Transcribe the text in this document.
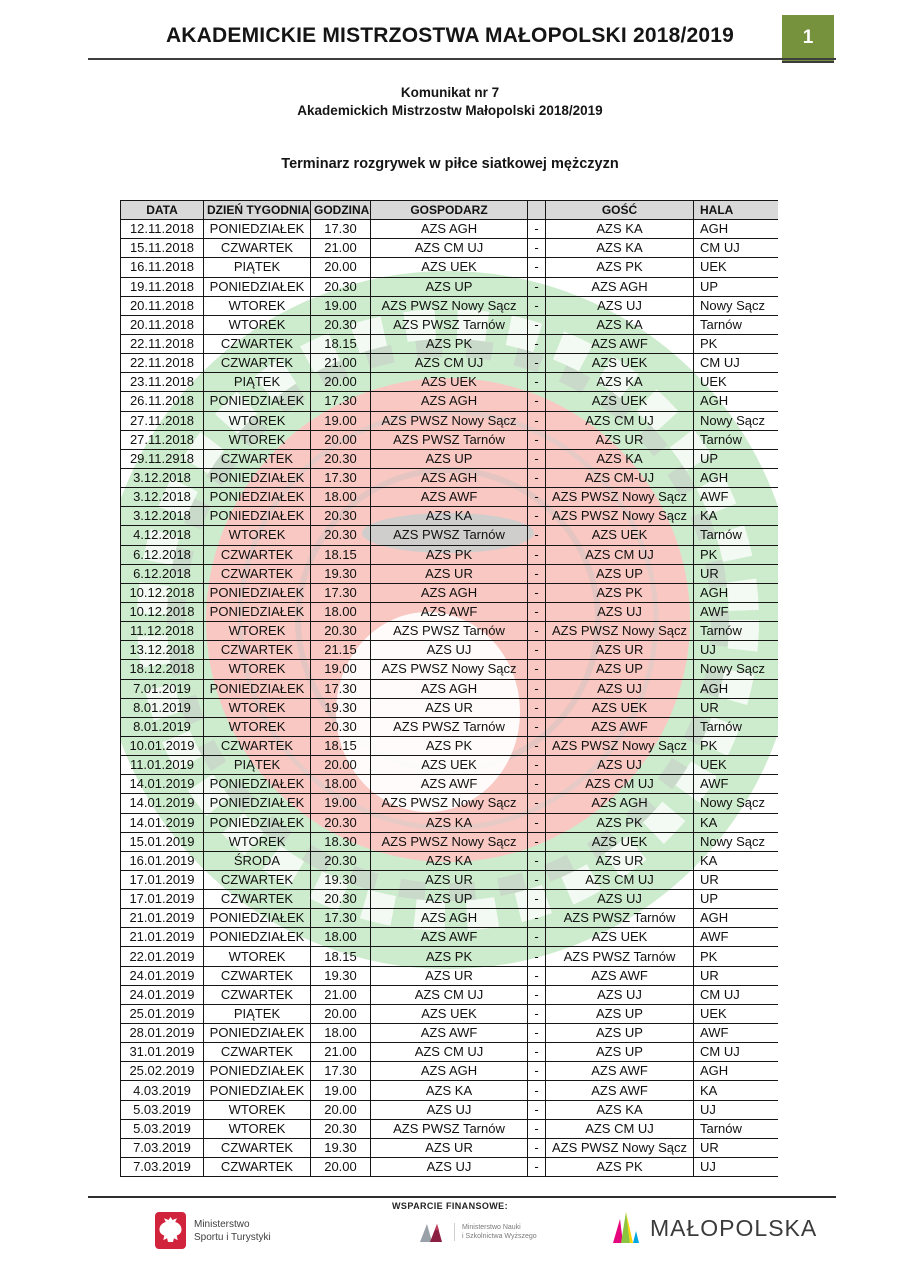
AKADEMICKIE MISTRZOSTWA MAŁOPOLSKI 2018/2019	1
Komunikat nr 7
Akademickich Mistrzostw Małopolski 2018/2019
Terminarz rozgrywek w piłce siatkowej mężczyzn
DATA	DZIEŃ TYGODNIA	GODZINA	GOSPODARZ		GOŚĆ	HALA
12.11.2018	PONIEDZIAŁEK	17.30	AZS AGH	-	AZS KA	AGH
15.11.2018	CZWARTEK	21.00	AZS CM UJ	-	AZS KA	CM UJ
16.11.2018	PIĄTEK	20.00	AZS UEK	-	AZS PK	UEK
19.11.2018	PONIEDZIAŁEK	20.30	AZS UP	-	AZS AGH	UP
20.11.2018	WTOREK	19.00	AZS PWSZ Nowy Sącz	-	AZS UJ	Nowy Sącz
20.11.2018	WTOREK	20.30	AZS PWSZ Tarnów	-	AZS KA	Tarnów
22.11.2018	CZWARTEK	18.15	AZS PK	-	AZS AWF	PK
22.11.2018	CZWARTEK	21.00	AZS CM UJ	-	AZS UEK	CM UJ
23.11.2018	PIĄTEK	20.00	AZS UEK	-	AZS KA	UEK
26.11.2018	PONIEDZIAŁEK	17.30	AZS AGH	-	AZS UEK	AGH
27.11.2018	WTOREK	19.00	AZS PWSZ Nowy Sącz	-	AZS CM UJ	Nowy Sącz
27.11.2018	WTOREK	20.00	AZS PWSZ Tarnów	-	AZS UR	Tarnów
29.11.2918	CZWARTEK	20.30	AZS UP	-	AZS KA	UP
3.12.2018	PONIEDZIAŁEK	17.30	AZS AGH	-	AZS CM-UJ	AGH
3.12.2018	PONIEDZIAŁEK	18.00	AZS AWF	-	AZS PWSZ Nowy Sącz	AWF
3.12.2018	PONIEDZIAŁEK	20.30	AZS KA	-	AZS PWSZ Nowy Sącz	KA
4.12.2018	WTOREK	20.30	AZS PWSZ Tarnów	-	AZS UEK	Tarnów
6.12.2018	CZWARTEK	18.15	AZS PK	-	AZS CM UJ	PK
6.12.2018	CZWARTEK	19.30	AZS UR	-	AZS UP	UR
10.12.2018	PONIEDZIAŁEK	17.30	AZS AGH	-	AZS PK	AGH
10.12.2018	PONIEDZIAŁEK	18.00	AZS AWF	-	AZS UJ	AWF
11.12.2018	WTOREK	20.30	AZS PWSZ Tarnów	-	AZS PWSZ Nowy Sącz	Tarnów
13.12.2018	CZWARTEK	21.15	AZS UJ	-	AZS UR	UJ
18.12.2018	WTOREK	19.00	AZS PWSZ Nowy Sącz	-	AZS UP	Nowy Sącz
7.01.2019	PONIEDZIAŁEK	17.30	AZS AGH	-	AZS UJ	AGH
8.01.2019	WTOREK	19.30	AZS UR	-	AZS UEK	UR
8.01.2019	WTOREK	20.30	AZS PWSZ Tarnów	-	AZS AWF	Tarnów
10.01.2019	CZWARTEK	18.15	AZS PK	-	AZS PWSZ Nowy Sącz	PK
11.01.2019	PIĄTEK	20.00	AZS UEK	-	AZS UJ	UEK
14.01.2019	PONIEDZIAŁEK	18.00	AZS AWF	-	AZS CM UJ	AWF
14.01.2019	PONIEDZIAŁEK	19.00	AZS PWSZ Nowy Sącz	-	AZS AGH	Nowy Sącz
14.01.2019	PONIEDZIAŁEK	20.30	AZS KA	-	AZS PK	KA
15.01.2019	WTOREK	18.30	AZS PWSZ Nowy Sącz	-	AZS UEK	Nowy Sącz
16.01.2019	ŚRODA	20.30	AZS KA	-	AZS UR	KA
17.01.2019	CZWARTEK	19.30	AZS UR	-	AZS CM UJ	UR
17.01.2019	CZWARTEK	20.30	AZS UP	-	AZS UJ	UP
21.01.2019	PONIEDZIAŁEK	17.30	AZS AGH	-	AZS PWSZ Tarnów	AGH
21.01.2019	PONIEDZIAŁEK	18.00	AZS AWF	-	AZS UEK	AWF
22.01.2019	WTOREK	18.15	AZS PK	-	AZS PWSZ Tarnów	PK
24.01.2019	CZWARTEK	19.30	AZS UR	-	AZS AWF	UR
24.01.2019	CZWARTEK	21.00	AZS CM UJ	-	AZS UJ	CM UJ
25.01.2019	PIĄTEK	20.00	AZS UEK	-	AZS UP	UEK
28.01.2019	PONIEDZIAŁEK	18.00	AZS AWF	-	AZS UP	AWF
31.01.2019	CZWARTEK	21.00	AZS CM UJ	-	AZS UP	CM UJ
25.02.2019	PONIEDZIAŁEK	17.30	AZS AGH	-	AZS AWF	AGH
4.03.2019	PONIEDZIAŁEK	19.00	AZS KA	-	AZS AWF	KA
5.03.2019	WTOREK	20.00	AZS UJ	-	AZS KA	UJ
5.03.2019	WTOREK	20.30	AZS PWSZ Tarnów	-	AZS CM UJ	Tarnów
7.03.2019	CZWARTEK	19.30	AZS UR	-	AZS PWSZ Nowy Sącz	UR
7.03.2019	CZWARTEK	20.00	AZS UJ	-	AZS PK	UJ
WSPARCIE FINANSOWE:
Ministerstwo
Sportu i Turystyki
Ministerstwo Nauki
i Szkolnictwa Wyższego	MAŁOPOLSKA
